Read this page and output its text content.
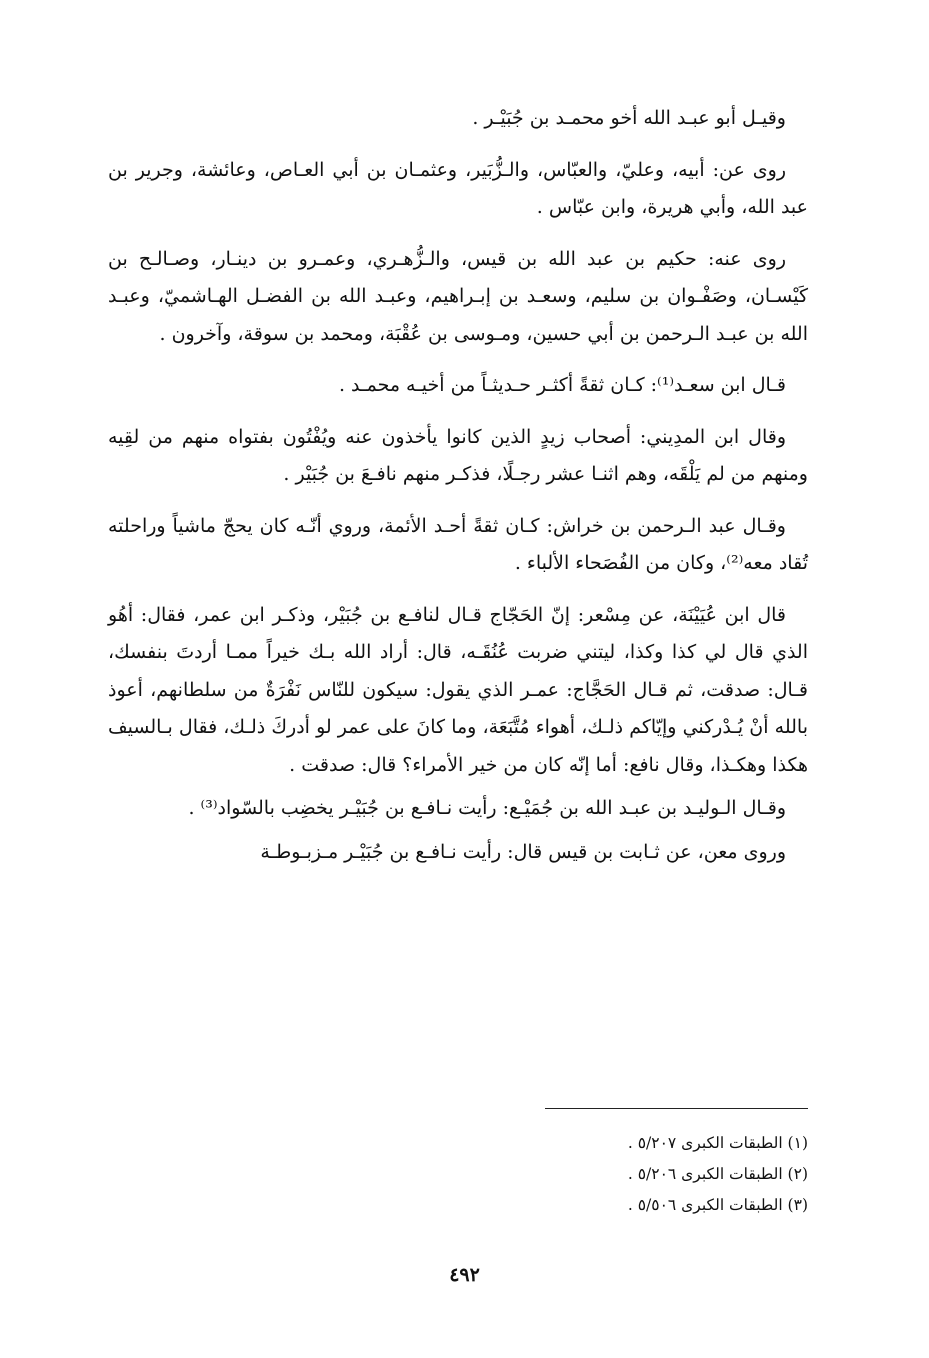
وقيـل أبو عبـد الله أخو محمـد بن جُبَيْـر .

روى عن: أبيه، وعليّ، والعبّاس، والـزُّبَير، وعثمـان بن أبي العـاص، وعائشة، وجرير بن عبد الله، وأبي هريرة، وابن عبّاس .

روى عنه: حكيم بن عبد الله بن قيس، والـزُّهـري، وعمـرو بن دينـار، وصـالـح بن كَيْسـان، وصَفْـوان بن سليم، وسعـد بن إبـراهيم، وعبـد الله بن الفضـل الهـاشميّ، وعبـد الله بن عبـد الـرحمن بن أبي حسين، ومـوسى بن عُقْبَة، ومحمد بن سوقة، وآخرون .

قـال ابن سعـد⁽¹⁾: كـان ثقةً أكثـر حـديثـاً من أخيـه محمـد .

وقال ابن المدِيني: أصحاب زيدٍ الذين كانوا يأخذون عنه ويُفْتُون بفتواه منهم من لقِيه ومنهم من لم يَلْقَه، وهم اثنـا عشر رجـلًا، فذكـر منهم نافـعَ بن جُبَيْر .

وقـال عبد الـرحمن بن خراش: كـان ثقةً أحـد الأئمة، وروي أنّـه كان يحجّ ماشياً وراحلته تُقاد معه⁽²⁾، وكان من الفُصَحاء الألباء .

قال ابن عُيَيْنَة، عن مِسْعر: إنّ الحَجّاج قـال لنافـع بن جُبَيْر، وذكـر ابن عمر، فقال: أهُو الذي قال لي كذا وكذا، ليتني ضربت عُنُقَـه، قال: أراد الله بـك خيراً ممـا أردتَ بنفسك، قـال: صدقت، ثم قـال الحَجَّاج: عمـر الذي يقول: سيكون للنّاس نَفْرَةٌ من سلطانهم، أعوذ بالله أنْ يُـدْركني وإيّاكم ذلـك، أهواء مُتَّبَعَة، وما كانَ على عمر لو أدركَ ذلـك، فقال بـالسيف هكذا وهكـذا، وقال نافع: أما إنّه كان من خير الأمراء؟ قال: صدقت .

وقـال الـوليـد بن عبـد الله بن جُمَيْـع: رأيت نـافـع بن جُبَيْـر يخضِب بالسّواد⁽³⁾ .

وروى معن، عن ثـابت بن قيس قال: رأيت نـافـع بن جُبَيْـر مـزبـوطـة

(١) الطبقات الكبرى ٥/٢٠٧ .
(٢) الطبقات الكبرى ٥/٢٠٦ .
(٣) الطبقات الكبرى ٥/٥٠٦ .
٤٩٢
